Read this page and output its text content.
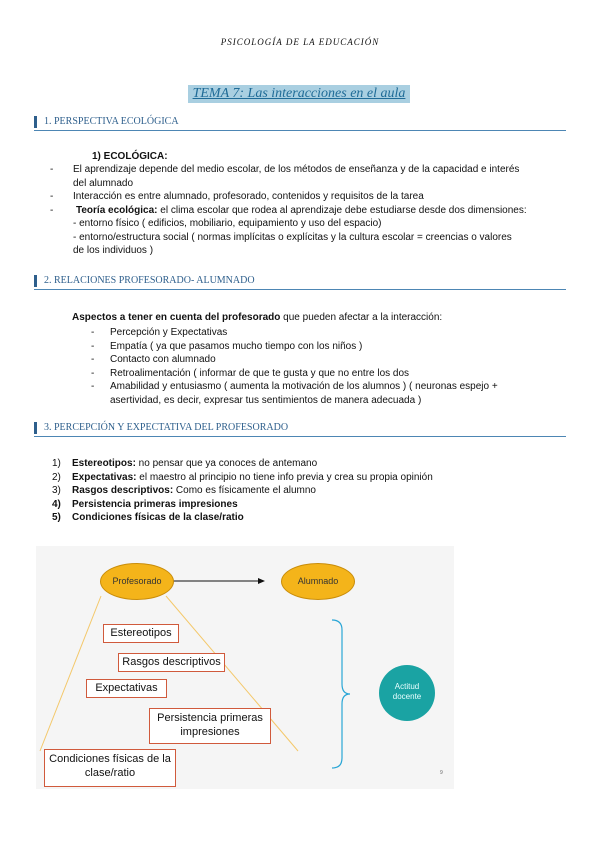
PSICOLOGÍA DE LA EDUCACIÓN
TEMA 7: Las interacciones en el aula
1. PERSPECTIVA ECOLÓGICA
1) ECOLÓGICA:
- El aprendizaje depende del medio escolar, de los métodos de enseñanza y de la capacidad e interés
del alumnado
- Interacción es entre alumnado, profesorado, contenidos y requisitos de la tarea
- Teoría ecológica: el clima escolar que rodea al aprendizaje debe estudiarse desde dos dimensiones:
- entorno físico ( edificios, mobiliario, equipamiento y uso del espacio)
- entorno/estructura social ( normas implícitas o explícitas y la cultura escolar = creencias o valores
de los individuos )
2. RELACIONES PROFESORADO- ALUMNADO
Aspectos a tener en cuenta del profesorado que pueden afectar a la interacción:
- Percepción y Expectativas
- Empatía ( ya que pasamos mucho tiempo con los niños )
- Contacto con alumnado
- Retroalimentación ( informar de que te gusta y que no entre los dos
- Amabilidad y entusiasmo ( aumenta la motivación de los alumnos ) ( neuronas espejo +
asertividad, es decir, expresar tus sentimientos de manera adecuada )
3. PERCEPCIÓN Y EXPECTATIVA DEL PROFESORADO
1) Estereotipos: no pensar que ya conoces de antemano
2) Expectativas: el maestro al principio no tiene info previa y crea su propia opinión
3) Rasgos descriptivos: Como es físicamente el alumno
4) Persistencia primeras impresiones
5) Condiciones físicas de la clase/ratio
Profesorado	Alumnado
Actitud
docente
Estereotipos
Rasgos descriptivos
Expectativas
Persistencia primeras
impresiones
Condiciones físicas de la
clase/ratio	9
